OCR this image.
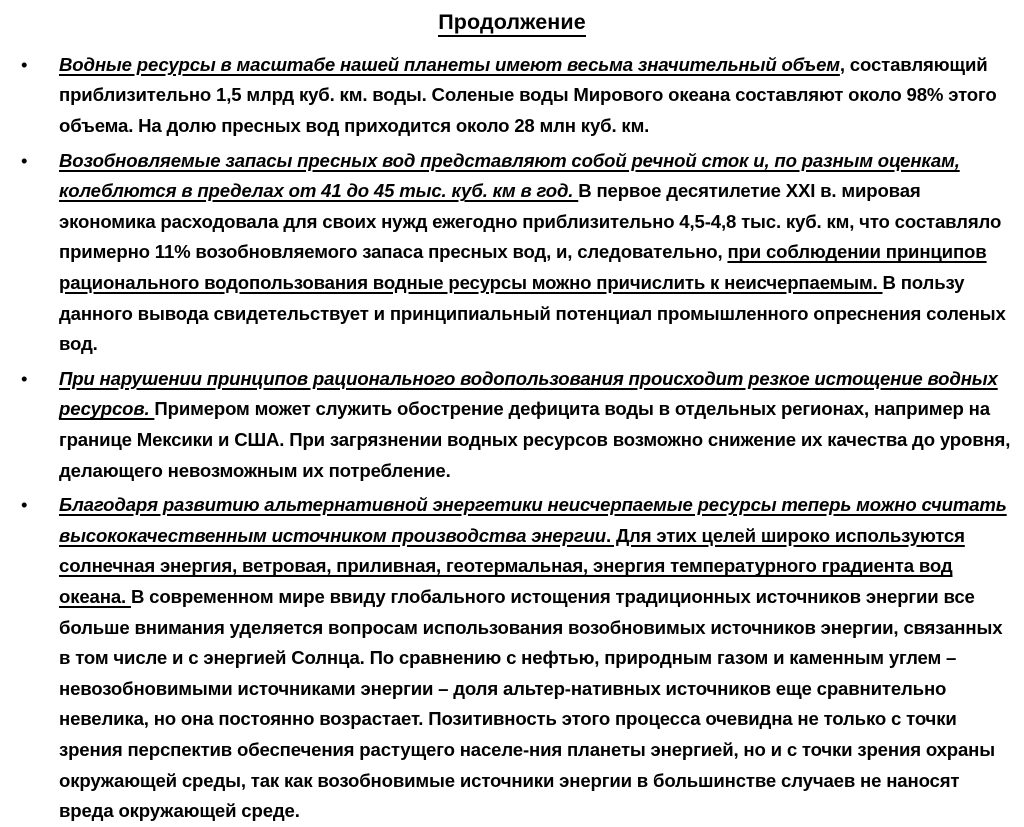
Продолжение
•	Водные ресурсы в масштабе нашей планеты имеют весьма значительный объем, составляющий приблизительно 1,5 млрд куб. км. воды. Соленые воды Мирового океана составляют около 98% этого объема. На долю пресных вод приходится около 28 млн куб. км.
•	Возобновляемые запасы пресных вод представляют собой речной сток и, по разным оценкам, колеблются в пределах от 41 до 45 тыс. куб. км в год. В первое десятилетие XXI в. мировая экономика расходовала для своих нужд ежегодно приблизительно 4,5-4,8 тыс. куб. км, что составляло примерно 11% возобновляемого запаса пресных вод, и, следовательно, при соблюдении принципов рационального водопользования водные ресурсы можно причислить к неисчерпаемым. В пользу данного вывода свидетельствует и принципиальный потенциал промышленного опреснения соленых вод.
•	При нарушении принципов рационального водопользования происходит резкое истощение водных ресурсов. Примером может служить обострение дефицита воды в отдельных регионах, например на границе Мексики и США. При загрязнении водных ресурсов возможно снижение их качества до уровня, делающего невозможным их потребление.
•	Благодаря развитию альтернативной энергетики неисчерпаемые ресурсы теперь можно считать высококачественным источником производства энергии. Для этих целей широко используются солнечная энергия, ветровая, приливная, геотермальная, энергия температурного градиента вод океана. В современном мире ввиду глобального истощения традиционных источников энергии все больше внимания уделяется вопросам использования возобновимых источников энергии, связанных в том числе и с энергией Солнца. По сравнению с нефтью, природным газом и каменным углем – невозобновимыми источниками энергии – доля альтер-нативных источников еще сравнительно невелика, но она постоянно возрастает. Позитивность этого процесса очевидна не только с точки зрения перспектив обеспечения растущего населе-ния планеты энергией, но и с точки зрения охраны окружающей среды, так как возобновимые источники энергии в большинстве случаев не наносят вреда окружающей среде.
